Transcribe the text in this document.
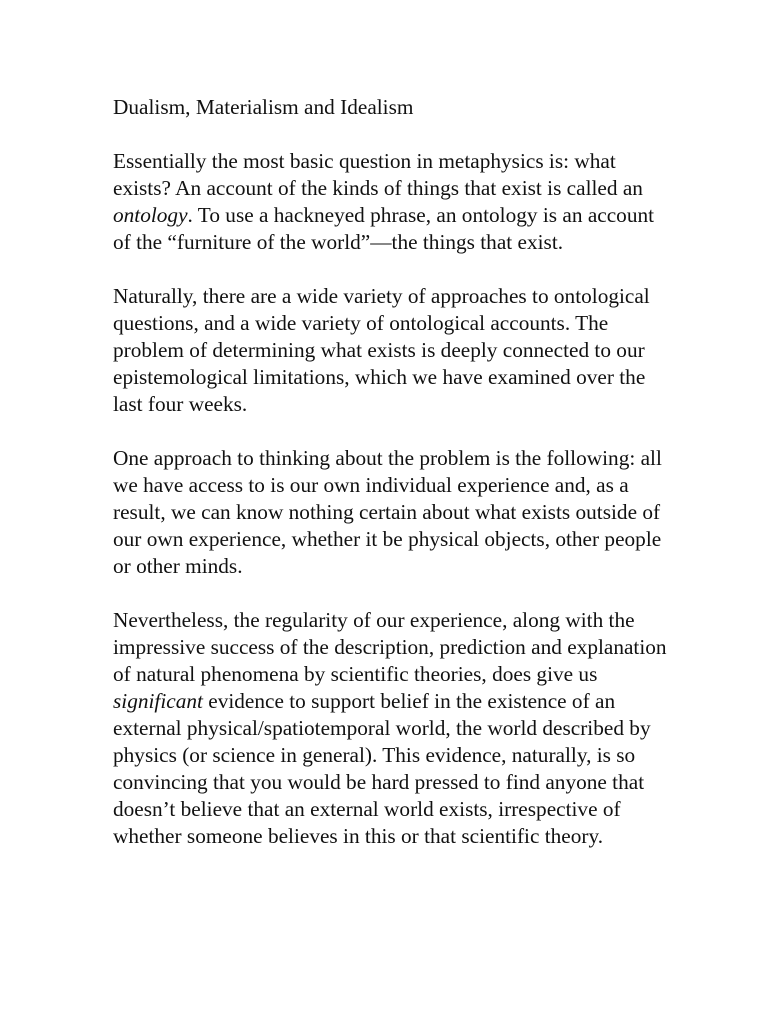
Dualism, Materialism and Idealism

Essentially the most basic question in metaphysics is: what exists? An account of the kinds of things that exist is called an ontology. To use a hackneyed phrase, an ontology is an account of the “furniture of the world”—the things that exist.

Naturally, there are a wide variety of approaches to ontological questions, and a wide variety of ontological accounts. The problem of determining what exists is deeply connected to our epistemological limitations, which we have examined over the last four weeks.

One approach to thinking about the problem is the following: all we have access to is our own individual experience and, as a result, we can know nothing certain about what exists outside of our own experience, whether it be physical objects, other people or other minds.

Nevertheless, the regularity of our experience, along with the impressive success of the description, prediction and explanation of natural phenomena by scientific theories, does give us significant evidence to support belief in the existence of an external physical/spatiotemporal world, the world described by physics (or science in general). This evidence, naturally, is so convincing that you would be hard pressed to find anyone that doesn’t believe that an external world exists, irrespective of whether someone believes in this or that scientific theory.
